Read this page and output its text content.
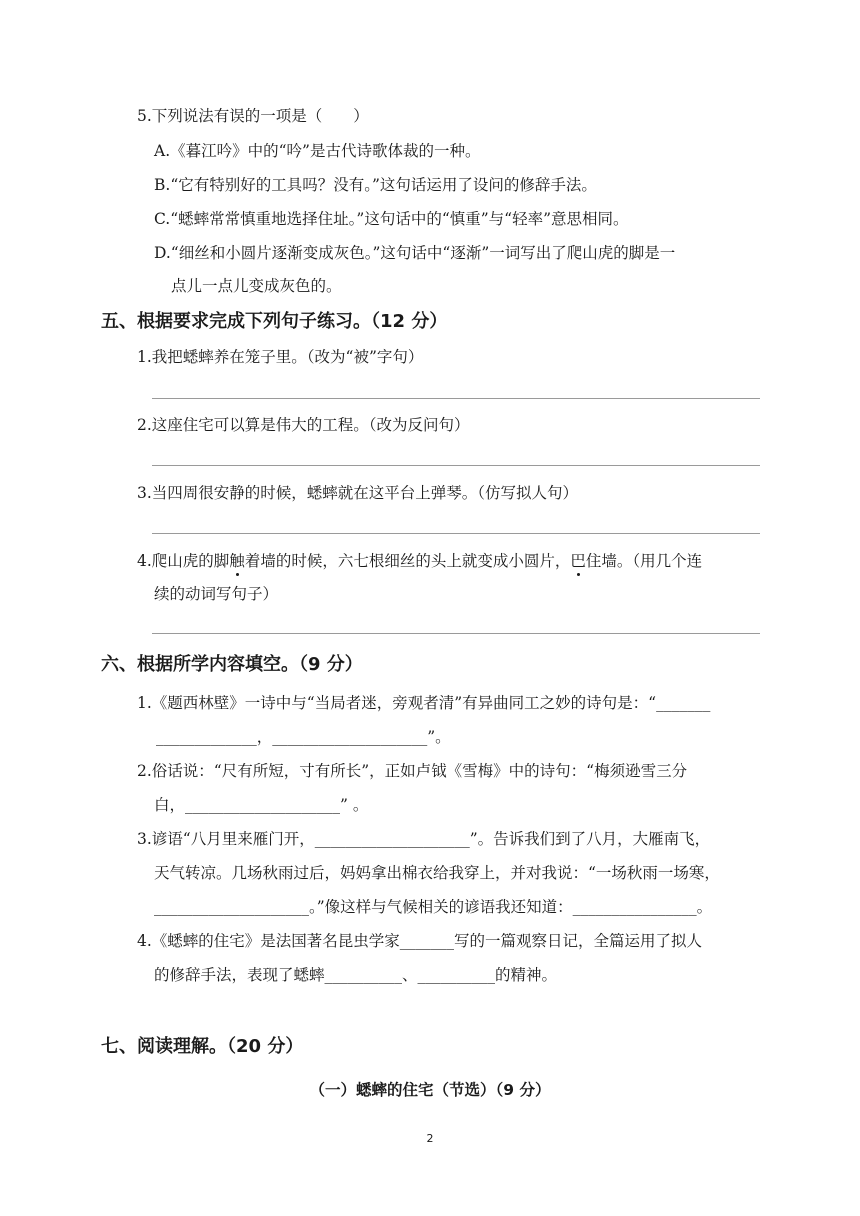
5.下列说法有误的一项是（　　）
A.《暮江吟》中的“吟”是古代诗歌体裁的一种。
B.“它有特别好的工具吗？没有。”这句话运用了设问的修辞手法。
C.“蟋蟀常常慎重地选择住址。”这句话中的“慎重”与“轻率”意思相同。
D.“细丝和小圆片逐渐变成灰色。”这句话中“逐渐”一词写出了爬山虎的脚是一
点儿一点儿变成灰色的。
五、根据要求完成下列句子练习。（12 分）
1.我把蟋蟀养在笼子里。（改为“被”字句）
2.这座住宅可以算是伟大的工程。（改为反问句）
3.当四周很安静的时候，蟋蟀就在这平台上弹琴。（仿写拟人句）
4.爬山虎的脚触着墙的时候，六七根细丝的头上就变成小圆片，巴住墙。（用几个连
续的动词写句子）
六、根据所学内容填空。（9 分）
1.《题西林壁》一诗中与“当局者迷，旁观者清”有异曲同工之妙的诗句是：“_______
_____________，____________________”。
2.俗话说：“尺有所短，寸有所长”，正如卢钺《雪梅》中的诗句：“梅须逊雪三分
白，____________________” 。
3.谚语“八月里来雁门开，____________________”。告诉我们到了八月，大雁南飞，
天气转凉。几场秋雨过后，妈妈拿出棉衣给我穿上，并对我说：“一场秋雨一场寒，
____________________。”像这样与气候相关的谚语我还知道：________________。
4.《蟋蟀的住宅》是法国著名昆虫学家_______写的一篇观察日记，全篇运用了拟人
的修辞手法，表现了蟋蟀__________、__________的精神。
七、阅读理解。（20 分）
（一）蟋蟀的住宅（节选）（9 分）
2
